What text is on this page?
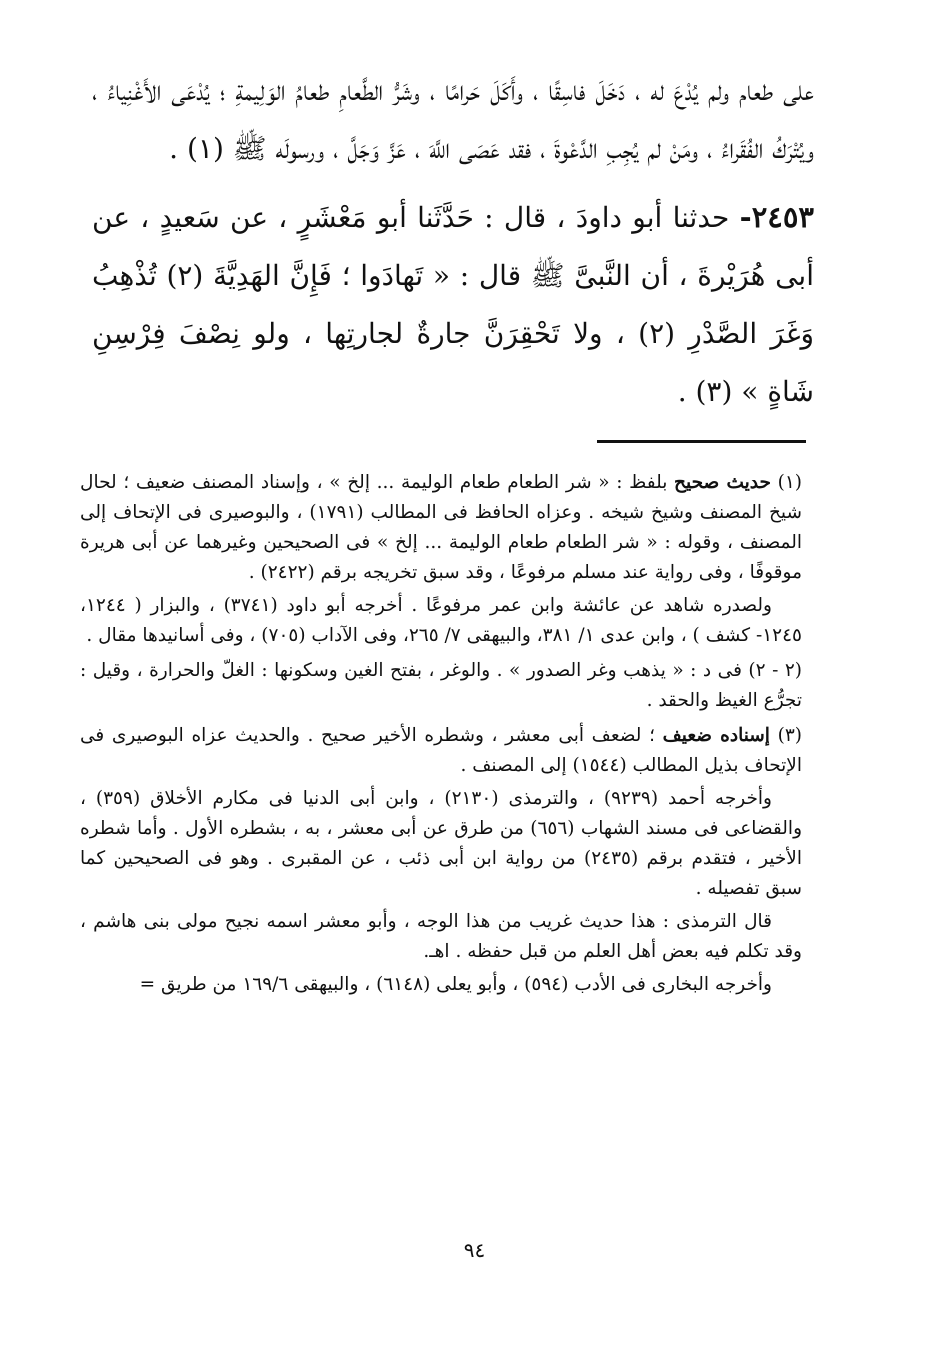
على طعام ولم يُدْعَ له ، دَخَلَ فاسِقًا ، وأَكَلَ حَرامًا ، وشَرُّ الطَّعامِ طعامُ الوَلِيمةِ ؛ يُدْعَى الأَغْنِياءُ ، ويُتْرَكُ الفُقَراءُ ، ومَنْ لم يُجِبِ الدَّعْوةَ ، فقد عَصَى اللَّهَ ، عَزَّ وَجَلَّ ، ورسولَه ﷺ (١) .

٢٤٥٣- حدثنا أبو داودَ ، قال : حَدَّثَنا أبو مَعْشَرٍ ، عن سَعيدٍ ، عن أبى هُرَيْرةَ ، أن النَّبىَّ ﷺ قال : « تَهادَوا ؛ فَإِنَّ الهَدِيَّةَ (٢) تُذْهِبُ وَغَرَ الصَّدْرِ (٢) ، ولا تَحْقِرَنَّ جارةٌ لجارتِها ، ولو نِصْفَ فِرْسِنِ شَاةٍ » (٣) .

(١) حديث صحيح بلفظ : « شر الطعام طعام الوليمة ... إلخ » ، وإسناد المصنف ضعيف ؛ لحال شيخ المصنف وشيخ شيخه . وعزاه الحافظ فى المطالب (١٧٩١) ، والبوصيرى فى الإتحاف إلى المصنف ، وقوله : « شر الطعام طعام الوليمة ... إلخ » فى الصحيحين وغيرهما عن أبى هريرة موقوفًا ، وفى رواية عند مسلم مرفوعًا ، وقد سبق تخريجه برقم (٢٤٢٢) .

ولصدره شاهد عن عائشة وابن عمر مرفوعًا . أخرجه أبو داود (٣٧٤١) ، والبزار ( ١٢٤٤، ١٢٤٥- كشف ) ، وابن عدى ١/ ٣٨١، والبيهقى ٧/ ٢٦٥، وفى الآداب (٧٠٥) ، وفى أسانيدها مقال .

(٢ - ٢) فى د : « يذهب وغر الصدور » . والوغر ، بفتح الغين وسكونها : الغلّ والحرارة ، وقيل : تجرُّع الغيظ والحقد .

(٣) إسناده ضعيف ؛ لضعف أبى معشر ، وشطره الأخير صحيح . والحديث عزاه البوصيرى فى الإتحاف بذيل المطالب (١٥٤٤) إلى المصنف .

وأخرجه أحمد (٩٢٣٩) ، والترمذى (٢١٣٠) ، وابن أبى الدنيا فى مكارم الأخلاق (٣٥٩) ، والقضاعى فى مسند الشهاب (٦٥٦) من طرق عن أبى معشر ، به ، بشطره الأول . وأما شطره الأخير ، فتقدم برقم (٢٤٣٥) من رواية ابن أبى ذئب ، عن المقبرى . وهو فى الصحيحين كما سبق تفصيله .

قال الترمذى : هذا حديث غريب من هذا الوجه ، وأبو معشر اسمه نجيح مولى بنى هاشم ، وقد تكلم فيه بعض أهل العلم من قبل حفظه . اهـ.

وأخرجه البخارى فى الأدب (٥٩٤) ، وأبو يعلى (٦١٤٨) ، والبيهقى ١٦٩/٦ من طريق =

٩٤
